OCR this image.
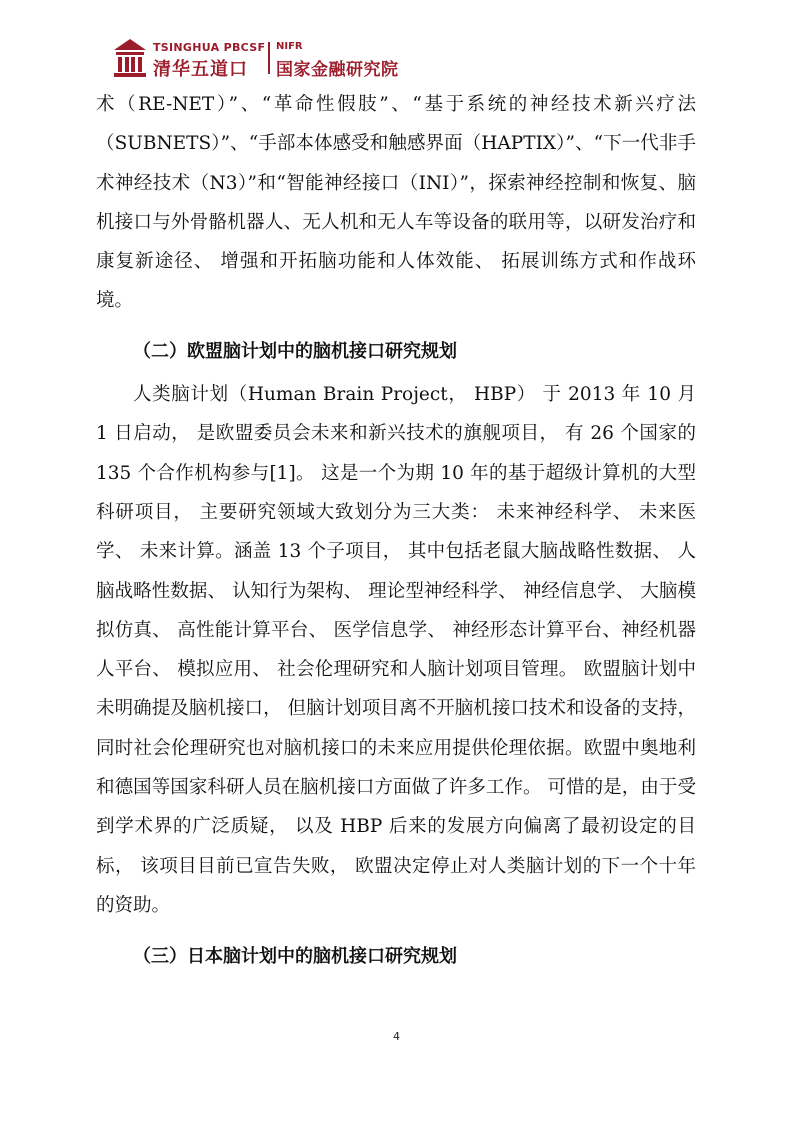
TSINGHUA PBCSF
清华五道口
NIFR
国家金融研究院

术（RE-NET）”、“革命性假肢”、“基于系统的神经技术新兴疗法（SUBNETS）”、“手部本体感受和触感界面（HAPTIX）”、“下一代非手术神经技术（N3）”和“智能神经接口（INI）”，探索神经控制和恢复、脑机接口与外骨骼机器人、无人机和无人车等设备的联用等，以研发治疗和康复新途径、 增强和开拓脑功能和人体效能、 拓展训练方式和作战环境。

（二）欧盟脑计划中的脑机接口研究规划

人类脑计划（Human Brain Project， HBP） 于 2013 年 10 月 1 日启动， 是欧盟委员会未来和新兴技术的旗舰项目， 有 26 个国家的 135 个合作机构参与[1]。 这是一个为期 10 年的基于超级计算机的大型科研项目， 主要研究领域大致划分为三大类： 未来神经科学、 未来医学、 未来计算。涵盖 13 个子项目， 其中包括老鼠大脑战略性数据、 人脑战略性数据、 认知行为架构、 理论型神经科学、 神经信息学、 大脑模拟仿真、 高性能计算平台、 医学信息学、 神经形态计算平台、神经机器人平台、 模拟应用、 社会伦理研究和人脑计划项目管理。 欧盟脑计划中未明确提及脑机接口， 但脑计划项目离不开脑机接口技术和设备的支持， 同时社会伦理研究也对脑机接口的未来应用提供伦理依据。欧盟中奥地利和德国等国家科研人员在脑机接口方面做了许多工作。 可惜的是，由于受到学术界的广泛质疑， 以及 HBP 后来的发展方向偏离了最初设定的目标， 该项目目前已宣告失败， 欧盟决定停止对人类脑计划的下一个十年的资助。

（三）日本脑计划中的脑机接口研究规划
4
